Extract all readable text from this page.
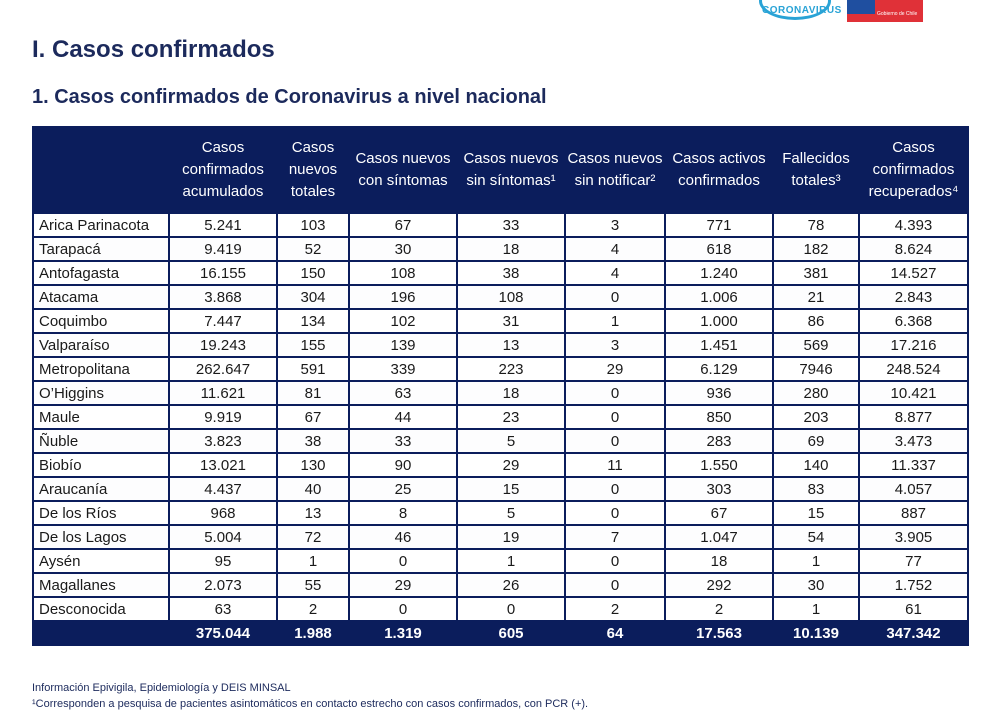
CORONAVIRUS	Gobierno de Chile
I. Casos confirmados
1. Casos confirmados de Coronavirus a nivel nacional
	Casos confirmados acumulados	Casos nuevos totales	Casos nuevos con síntomas	Casos nuevos sin síntomas¹	Casos nuevos sin notificar²	Casos activos confirmados	Fallecidos totales³	Casos confirmados recuperados⁴
Arica Parinacota	5.241	103	67	33	3	771	78	4.393
Tarapacá	9.419	52	30	18	4	618	182	8.624
Antofagasta	16.155	150	108	38	4	1.240	381	14.527
Atacama	3.868	304	196	108	0	1.006	21	2.843
Coquimbo	7.447	134	102	31	1	1.000	86	6.368
Valparaíso	19.243	155	139	13	3	1.451	569	17.216
Metropolitana	262.647	591	339	223	29	6.129	7946	248.524
O’Higgins	11.621	81	63	18	0	936	280	10.421
Maule	9.919	67	44	23	0	850	203	8.877
Ñuble	3.823	38	33	5	0	283	69	3.473
Biobío	13.021	130	90	29	11	1.550	140	11.337
Araucanía	4.437	40	25	15	0	303	83	4.057
De los Ríos	968	13	8	5	0	67	15	887
De los Lagos	5.004	72	46	19	7	1.047	54	3.905
Aysén	95	1	0	1	0	18	1	77
Magallanes	2.073	55	29	26	0	292	30	1.752
Desconocida	63	2	0	0	2	2	1	61
	375.044	1.988	1.319	605	64	17.563	10.139	347.342
Información Epivigila, Epidemiología y DEIS MINSAL
¹Corresponden a pesquisa de pacientes asintomáticos en contacto estrecho con casos confirmados, con PCR (+).
